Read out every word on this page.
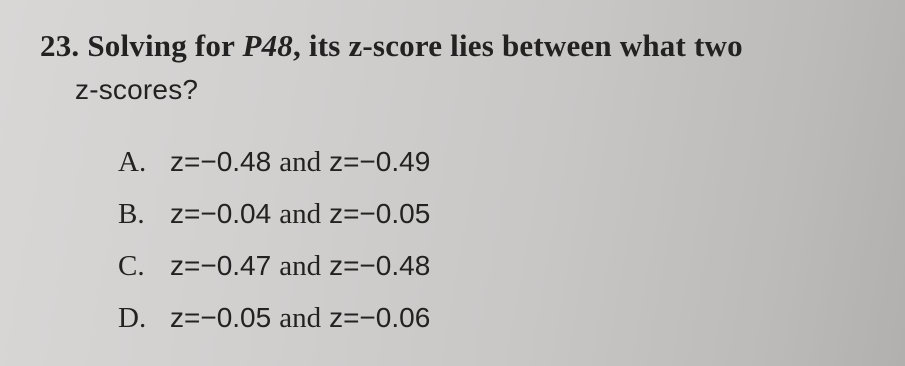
23. Solving for P48, its z-score lies between what two
z-scores?
A. z=−0.48 and z=−0.49
B. z=−0.04 and z=−0.05
C. z=−0.47 and z=−0.48
D. z=−0.05 and z=−0.06
